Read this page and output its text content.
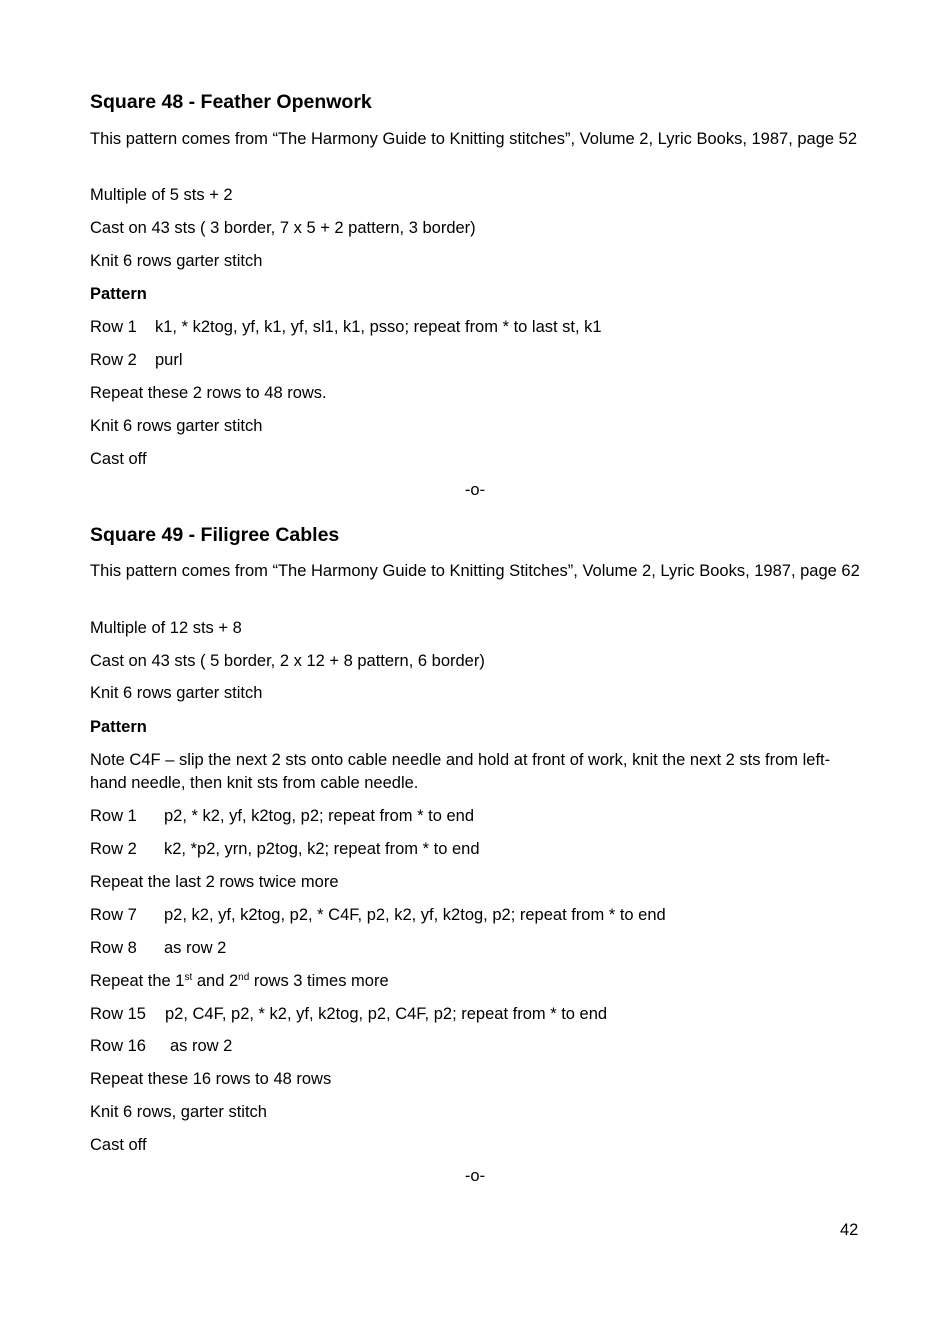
Square 48 - Feather Openwork
This pattern comes from “The Harmony Guide to Knitting stitches”, Volume 2, Lyric Books, 1987, page 52
Multiple of 5 sts + 2
Cast on 43 sts ( 3 border, 7 x 5 + 2 pattern, 3 border)
Knit 6 rows garter stitch
Pattern
Row 1 k1, * k2tog, yf, k1, yf, sl1, k1, psso; repeat from * to last st, k1
Row 2 purl
Repeat these 2 rows to 48 rows.
Knit 6 rows garter stitch
Cast off
-o-
Square 49 - Filigree Cables
This pattern comes from “The Harmony Guide to Knitting Stitches”, Volume 2, Lyric Books, 1987, page 62
Multiple of 12 sts + 8
Cast on 43 sts ( 5 border, 2 x 12 + 8 pattern, 6 border)
Knit 6 rows garter stitch
Pattern
Note C4F – slip the next 2 sts onto cable needle and hold at front of work, knit the next 2 sts from left-hand needle, then knit sts from cable needle.
Row 1 p2, * k2, yf, k2tog, p2; repeat from * to end
Row 2 k2, *p2, yrn, p2tog, k2; repeat from * to end
Repeat the last 2 rows twice more
Row 7 p2, k2, yf, k2tog, p2, * C4F, p2, k2, yf, k2tog, p2; repeat from * to end
Row 8 as row 2
Repeat the 1st and 2nd rows 3 times more
Row 15 p2, C4F, p2, * k2, yf, k2tog, p2, C4F, p2; repeat from * to end
Row 16 as row 2
Repeat these 16 rows to 48 rows
Knit 6 rows, garter stitch
Cast off
-o-
42
